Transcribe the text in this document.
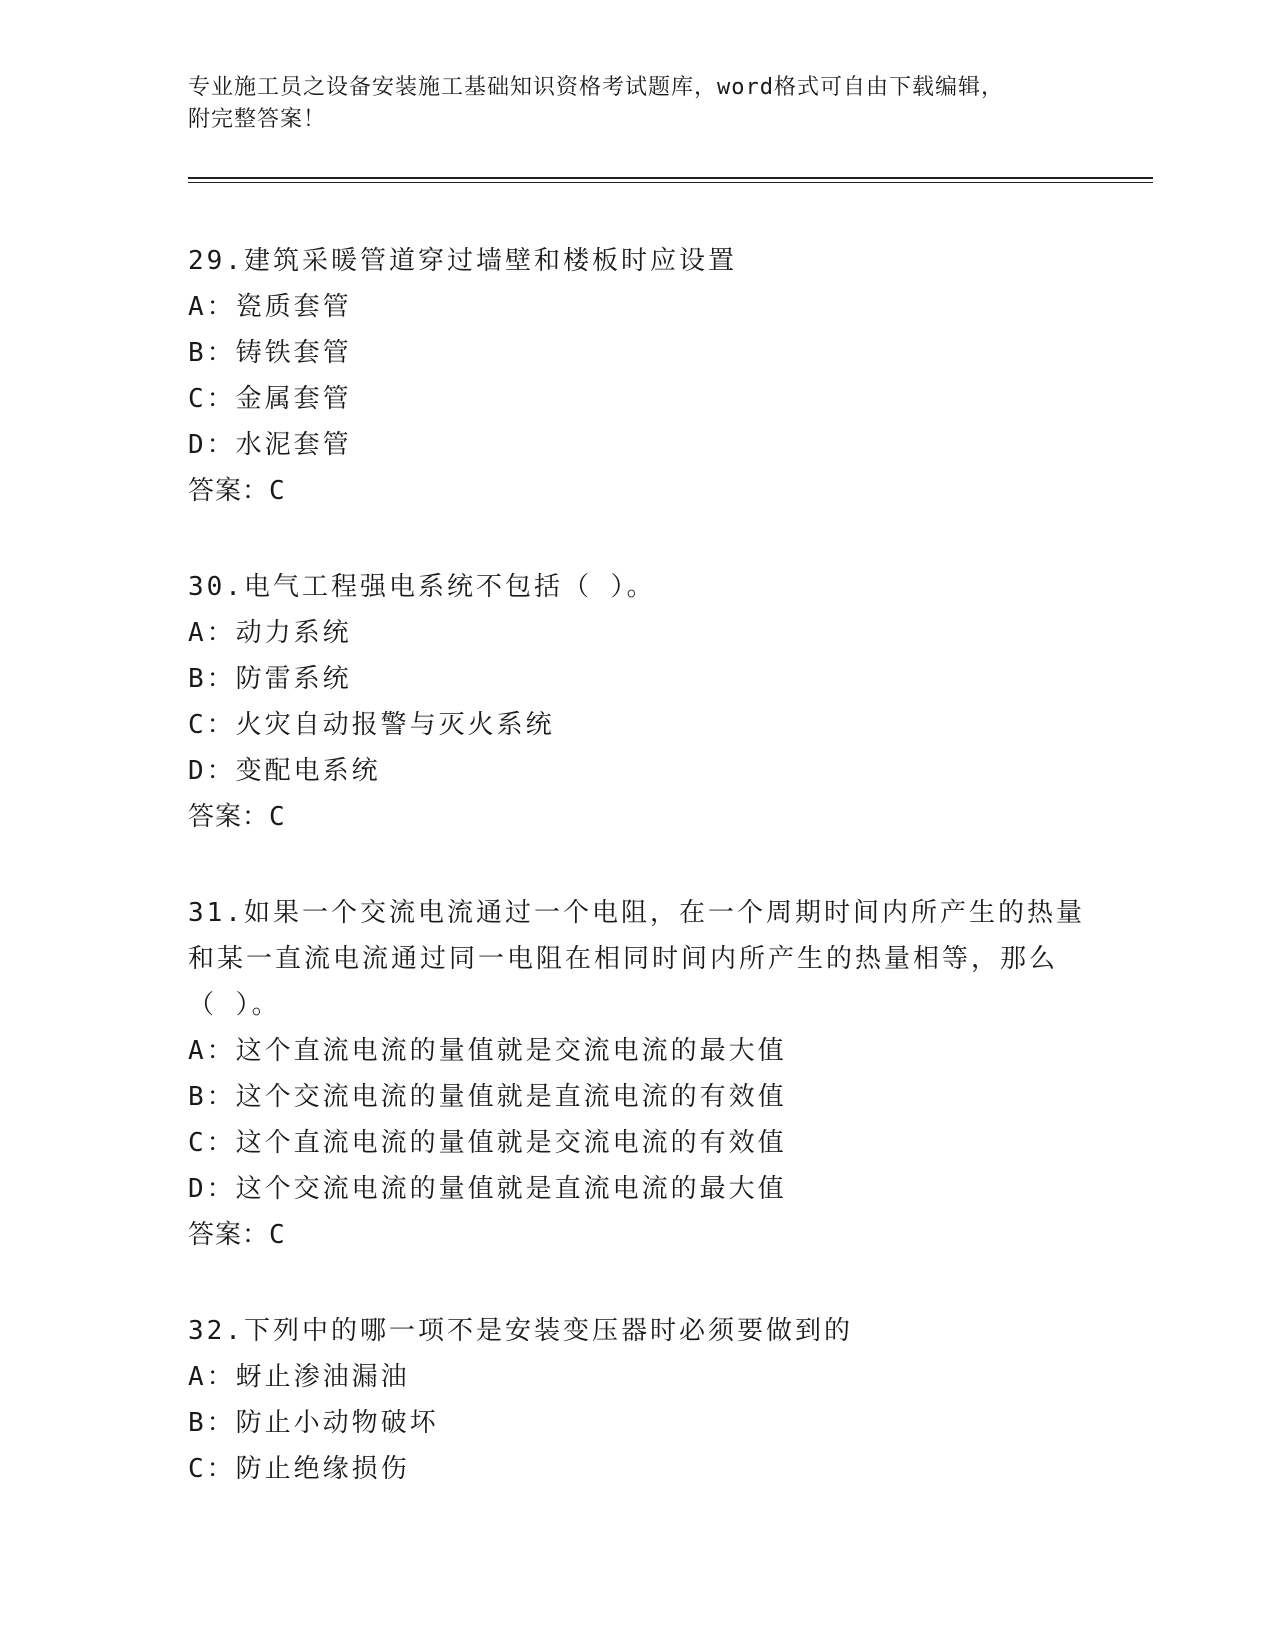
专业施工员之设备安装施工基础知识资格考试题库，word格式可自由下载编辑，

附完整答案！

29.建筑采暖管道穿过墙壁和楼板时应设置
A：瓷质套管
B：铸铁套管
C：金属套管
D：水泥套管
答案：C
30.电气工程强电系统不包括（ ）。
A：动力系统
B：防雷系统
C：火灾自动报警与灭火系统
D：变配电系统
答案：C
31.如果一个交流电流通过一个电阻，在一个周期时间内所产生的热量
和某一直流电流通过同一电阻在相同时间内所产生的热量相等，那么
（ ）。
A：这个直流电流的量值就是交流电流的最大值
B：这个交流电流的量值就是直流电流的有效值
C：这个直流电流的量值就是交流电流的有效值
D：这个交流电流的量值就是直流电流的最大值
答案：C
32.下列中的哪一项不是安装变压器时必须要做到的
A：蚜止渗油漏油
B：防止小动物破坏
C：防止绝缘损伤
